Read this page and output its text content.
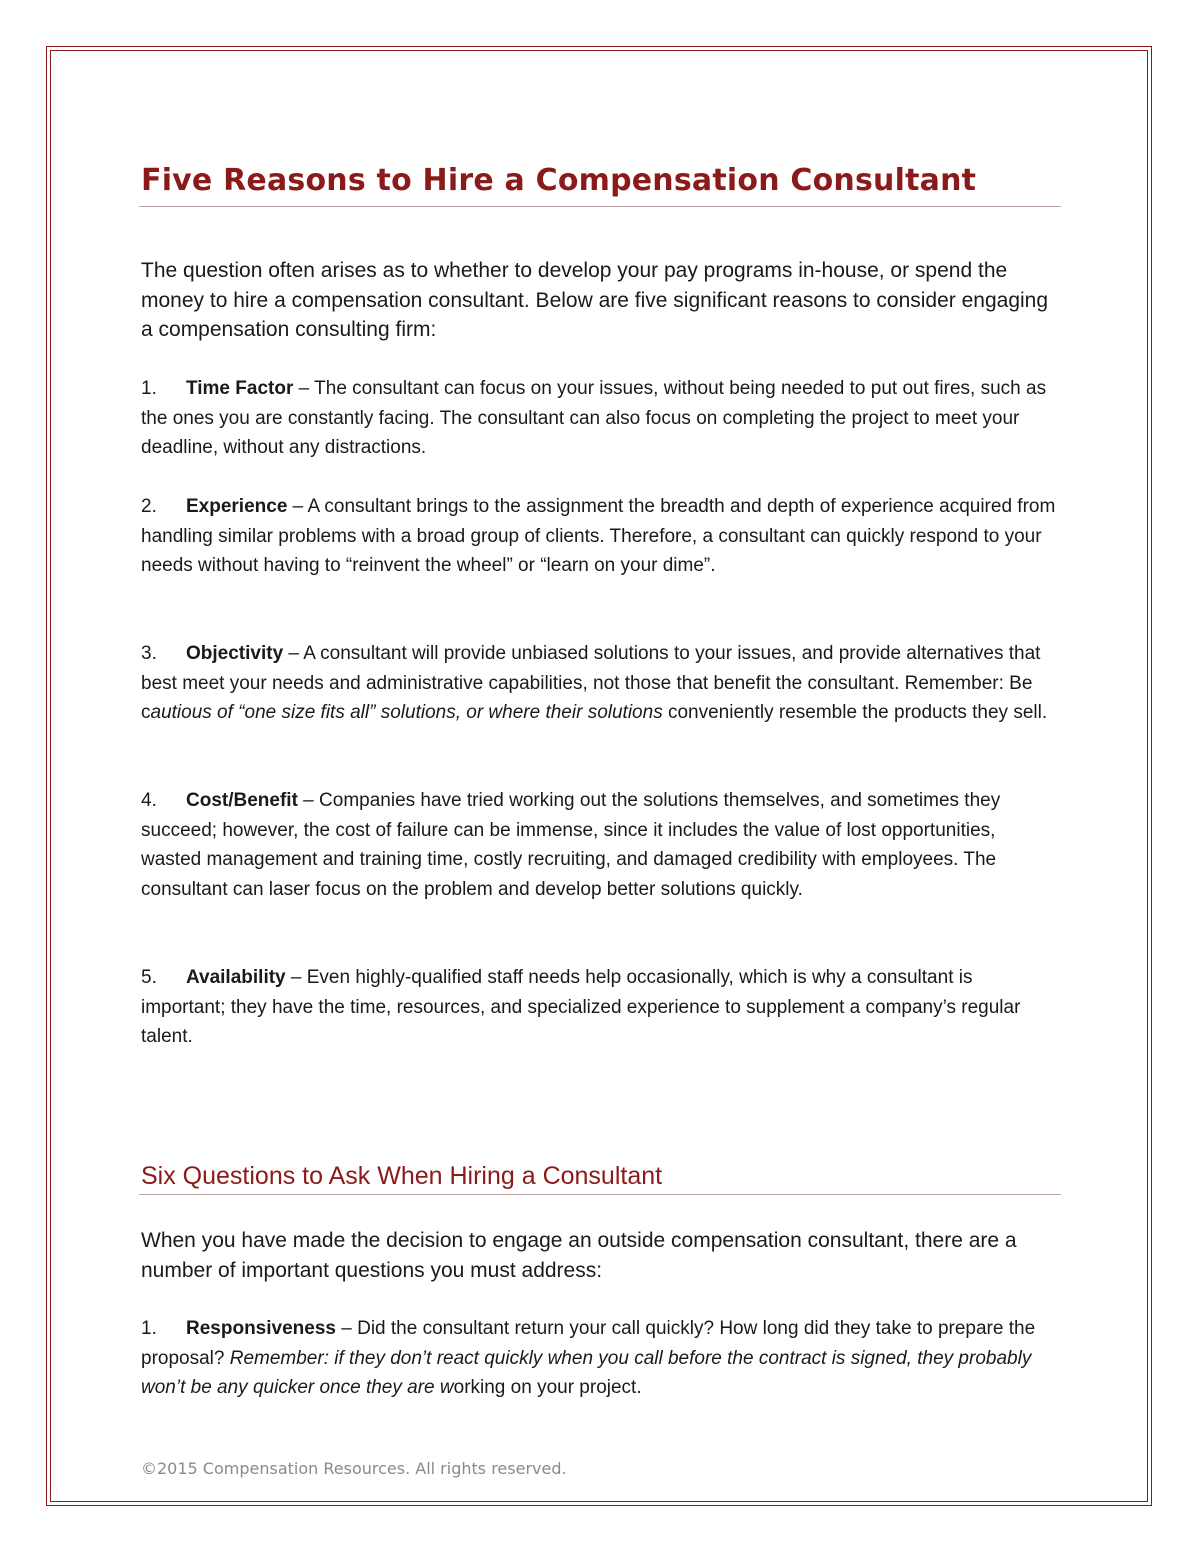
Five Reasons to Hire a Compensation Consultant

The question often arises as to whether to develop your pay programs in-house, or spend the money to hire a compensation consultant. Below are five significant reasons to consider engaging a compensation consulting firm:

1. Time Factor – The consultant can focus on your issues, without being needed to put out fires, such as the ones you are constantly facing. The consultant can also focus on completing the project to meet your deadline, without any distractions.

2. Experience – A consultant brings to the assignment the breadth and depth of experience acquired from handling similar problems with a broad group of clients. Therefore, a consultant can quickly respond to your needs without having to “reinvent the wheel” or “learn on your dime”.

3. Objectivity – A consultant will provide unbiased solutions to your issues, and provide alternatives that best meet your needs and administrative capabilities, not those that benefit the consultant. Remember: Be cautious of “one size fits all” solutions, or where their solutions conveniently resemble the products they sell.

4. Cost/Benefit – Companies have tried working out the solutions themselves, and sometimes they succeed; however, the cost of failure can be immense, since it includes the value of lost opportunities, wasted management and training time, costly recruiting, and damaged credibility with employees. The consultant can laser focus on the problem and develop better solutions quickly.

5. Availability – Even highly-qualified staff needs help occasionally, which is why a consultant is important; they have the time, resources, and specialized experience to supplement a company’s regular talent.

Six Questions to Ask When Hiring a Consultant

When you have made the decision to engage an outside compensation consultant, there are a number of important questions you must address:

1. Responsiveness – Did the consultant return your call quickly? How long did they take to prepare the proposal? Remember: if they don’t react quickly when you call before the contract is signed, they probably won’t be any quicker once they are working on your project.

©2015 Compensation Resources. All rights reserved.
